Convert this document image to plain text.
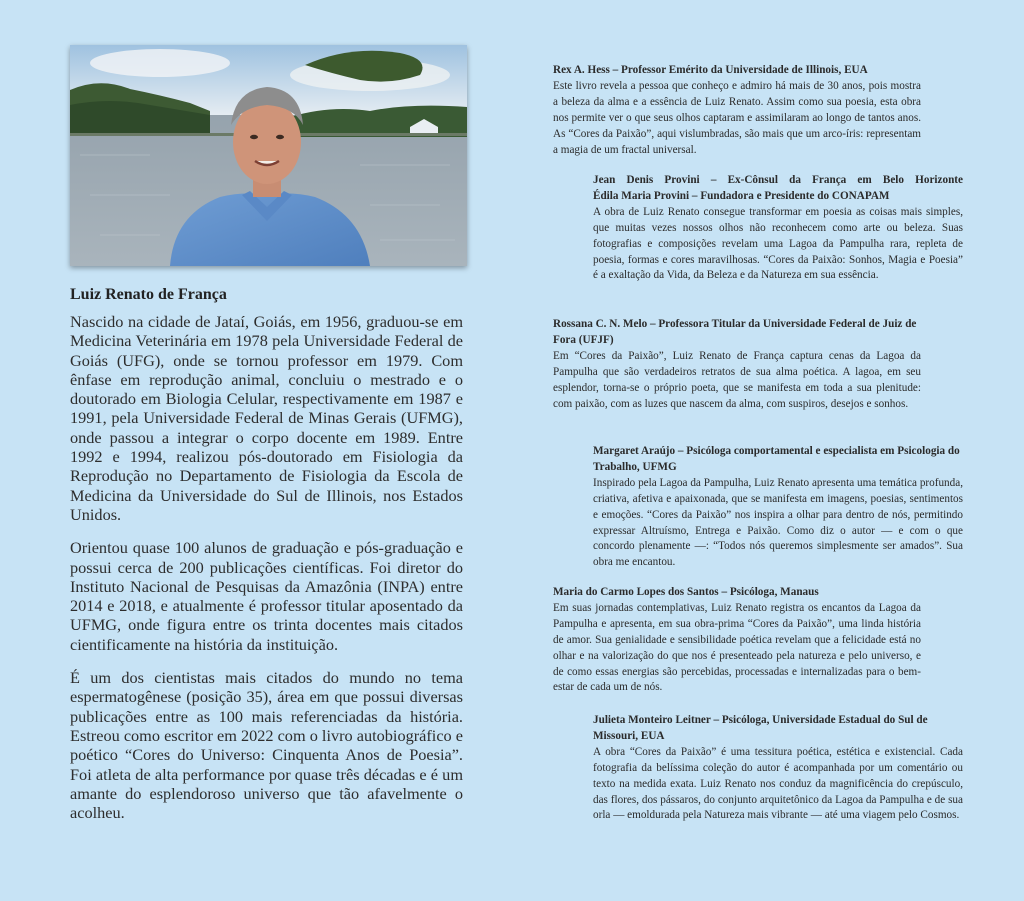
Luiz Renato de França

Nascido na cidade de Jataí, Goiás, em 1956, graduou-se em Medicina Veterinária em 1978 pela Universidade Federal de Goiás (UFG), onde se tornou professor em 1979. Com ênfase em reprodução animal, concluiu o mestrado e o doutorado em Biologia Celular, respectivamente em 1987 e 1991, pela Universidade Federal de Minas Gerais (UFMG), onde passou a integrar o corpo docente em 1989. Entre 1992 e 1994, realizou pós-doutorado em Fisiologia da Reprodução no Departamento de Fisiologia da Escola de Medicina da Universidade do Sul de Illinois, nos Estados Unidos.

Orientou quase 100 alunos de graduação e pós-graduação e possui cerca de 200 publicações científicas. Foi diretor do Instituto Nacional de Pesquisas da Amazônia (INPA) entre 2014 e 2018, e atualmente é professor titular aposentado da UFMG, onde figura entre os trinta docentes mais citados cientificamente na história da instituição.

É um dos cientistas mais citados do mundo no tema espermatogênese (posição 35), área em que possui diversas publicações entre as 100 mais referenciadas da história. Estreou como escritor em 2022 com o livro autobiográfico e poético “Cores do Universo: Cinquenta Anos de Poesia”. Foi atleta de alta performance por quase três décadas e é um amante do esplendoroso universo que tão afavelmente o acolheu.

Rex A. Hess – Professor Emérito da Universidade de Illinois, EUA
Este livro revela a pessoa que conheço e admiro há mais de 30 anos, pois mostra a beleza da alma e a essência de Luiz Renato. Assim como sua poesia, esta obra nos permite ver o que seus olhos captaram e assimilaram ao longo de tantos anos. As “Cores da Paixão”, aqui vislumbradas, são mais que um arco-íris: representam a magia de um fractal universal.
Jean Denis Provini – Ex-Cônsul da França em Belo Horizonte
Édila Maria Provini – Fundadora e Presidente do CONAPAM
A obra de Luiz Renato consegue transformar em poesia as coisas mais simples, que muitas vezes nossos olhos não reconhecem como arte ou beleza. Suas fotografias e composições revelam uma Lagoa da Pampulha rara, repleta de poesia, formas e cores maravilhosas. “Cores da Paixão: Sonhos, Magia e Poesia” é a exaltação da Vida, da Beleza e da Natureza em sua essência.
Rossana C. N. Melo – Professora Titular da Universidade Federal de Juiz de Fora (UFJF)
Em “Cores da Paixão”, Luiz Renato de França captura cenas da Lagoa da Pampulha que são verdadeiros retratos de sua alma poética. A lagoa, em seu esplendor, torna-se o próprio poeta, que se manifesta em toda a sua plenitude: com paixão, com as luzes que nascem da alma, com suspiros, desejos e sonhos.
Margaret Araújo – Psicóloga comportamental e especialista em Psicologia do Trabalho, UFMG
Inspirado pela Lagoa da Pampulha, Luiz Renato apresenta uma temática profunda, criativa, afetiva e apaixonada, que se manifesta em imagens, poesias, sentimentos e emoções. “Cores da Paixão” nos inspira a olhar para dentro de nós, permitindo expressar Altruísmo, Entrega e Paixão. Como diz o autor — e com o que concordo plenamente —: “Todos nós queremos simplesmente ser amados”. Sua obra me encantou.
Maria do Carmo Lopes dos Santos – Psicóloga, Manaus
Em suas jornadas contemplativas, Luiz Renato registra os encantos da Lagoa da Pampulha e apresenta, em sua obra-prima “Cores da Paixão”, uma linda história de amor. Sua genialidade e sensibilidade poética revelam que a felicidade está no olhar e na valorização do que nos é presenteado pela natureza e pelo universo, e de como essas energias são percebidas, processadas e internalizadas para o bem-estar de cada um de nós.
Julieta Monteiro Leitner – Psicóloga, Universidade Estadual do Sul de Missouri, EUA
A obra “Cores da Paixão” é uma tessitura poética, estética e existencial. Cada fotografia da belíssima coleção do autor é acompanhada por um comentário ou texto na medida exata. Luiz Renato nos conduz da magnificência do crepúsculo, das flores, dos pássaros, do conjunto arquitetônico da Lagoa da Pampulha e de sua orla — emoldurada pela Natureza mais vibrante — até uma viagem pelo Cosmos.
